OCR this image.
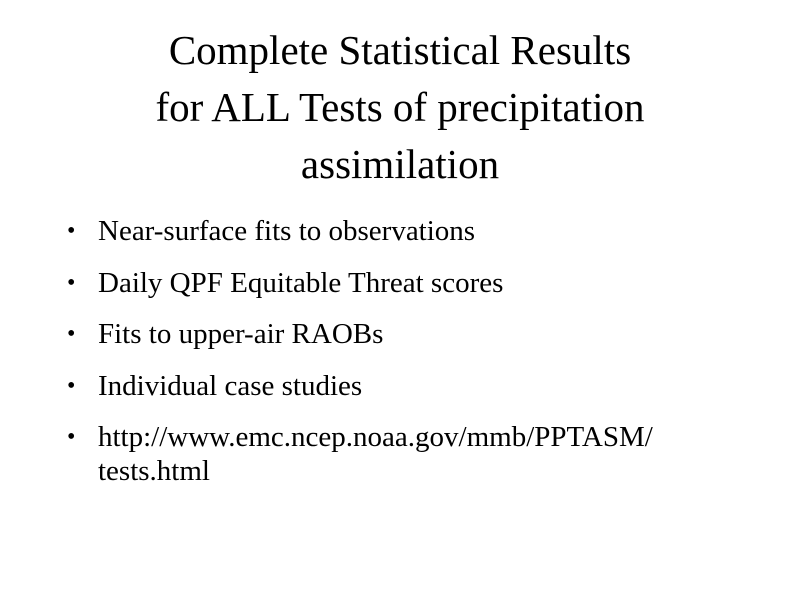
Complete Statistical Results
for ALL Tests of precipitation
assimilation
• Near-surface fits to observations
• Daily QPF Equitable Threat scores
• Fits to upper-air RAOBs
• Individual case studies
• http://www.emc.ncep.noaa.gov/mmb/PPTASM/
tests.html
